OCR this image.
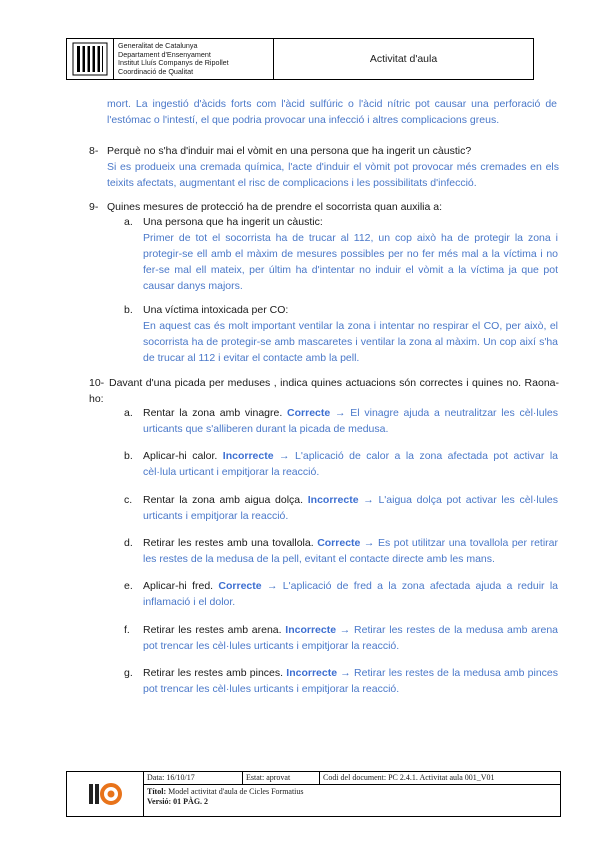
Generalitat de Catalunya
Departament d'Ensenyament
Institut Lluís Companys de Ripollet
Coordinació de Qualitat
Activitat d'aula
mort. La ingestió d'àcids forts com l'àcid sulfúric o l'àcid nítric pot causar una perforació de l'estómac o l'intestí, el que podria provocar una infecció i altres complicacions greus.
8- Perquè no s'ha d'induir mai el vòmit en una persona que ha ingerit un càustic?
Si es produeix una cremada química, l'acte d'induir el vòmit pot provocar més cremades en els teixits afectats, augmentant el risc de complicacions i les possibilitats d'infecció.
9- Quines mesures de protecció ha de prendre el socorrista quan auxilia a:
a. Una persona que ha ingerit un càustic:
Primer de tot el socorrista ha de trucar al 112, un cop això ha de protegir la zona i protegir-se ell amb el màxim de mesures possibles per no fer més mal a la víctima i no fer-se mal ell mateix, per últim ha d'intentar no induir el vòmit a la víctima ja que pot causar danys majors.
b. Una víctima intoxicada per CO:
En aquest cas és molt important ventilar la zona i intentar no respirar el CO, per això, el socorrista ha de protegir-se amb mascaretes i ventilar la zona al màxim. Un cop així s'ha de trucar al 112 i evitar el contacte amb la pell.
10- Davant d'una picada per meduses , indica quines actuacions són correctes i quines no. Raona-ho:
a. Rentar la zona amb vinagre. Correcte → El vinagre ajuda a neutralitzar les cèl·lules urticants que s'alliberen durant la picada de medusa.
b. Aplicar-hi calor. Incorrecte → L'aplicació de calor a la zona afectada pot activar la cèl·lula urticant i empitjorar la reacció.
c. Rentar la zona amb aigua dolça. Incorrecte → L'aigua dolça pot activar les cèl·lules urticants i empitjorar la reacció.
d. Retirar les restes amb una tovallola. Correcte → Es pot utilitzar una tovallola per retirar les restes de la medusa de la pell, evitant el contacte directe amb les mans.
e. Aplicar-hi fred. Correcte → L'aplicació de fred a la zona afectada ajuda a reduir la inflamació i el dolor.
f. Retirar les restes amb arena. Incorrecte → Retirar les restes de la medusa amb arena pot trencar les cèl·lules urticants i empitjorar la reacció.
g. Retirar les restes amb pinces. Incorrecte → Retirar les restes de la medusa amb pinces pot trencar les cèl·lules urticants i empitjorar la reacció.
Data: 16/10/17	Estat: aprovat	Codi del document: PC 2.4.1. Activitat aula 001_V01
Títol: Model activitat d'aula de Cicles Formatius
Versió: 01 PÀG. 2
